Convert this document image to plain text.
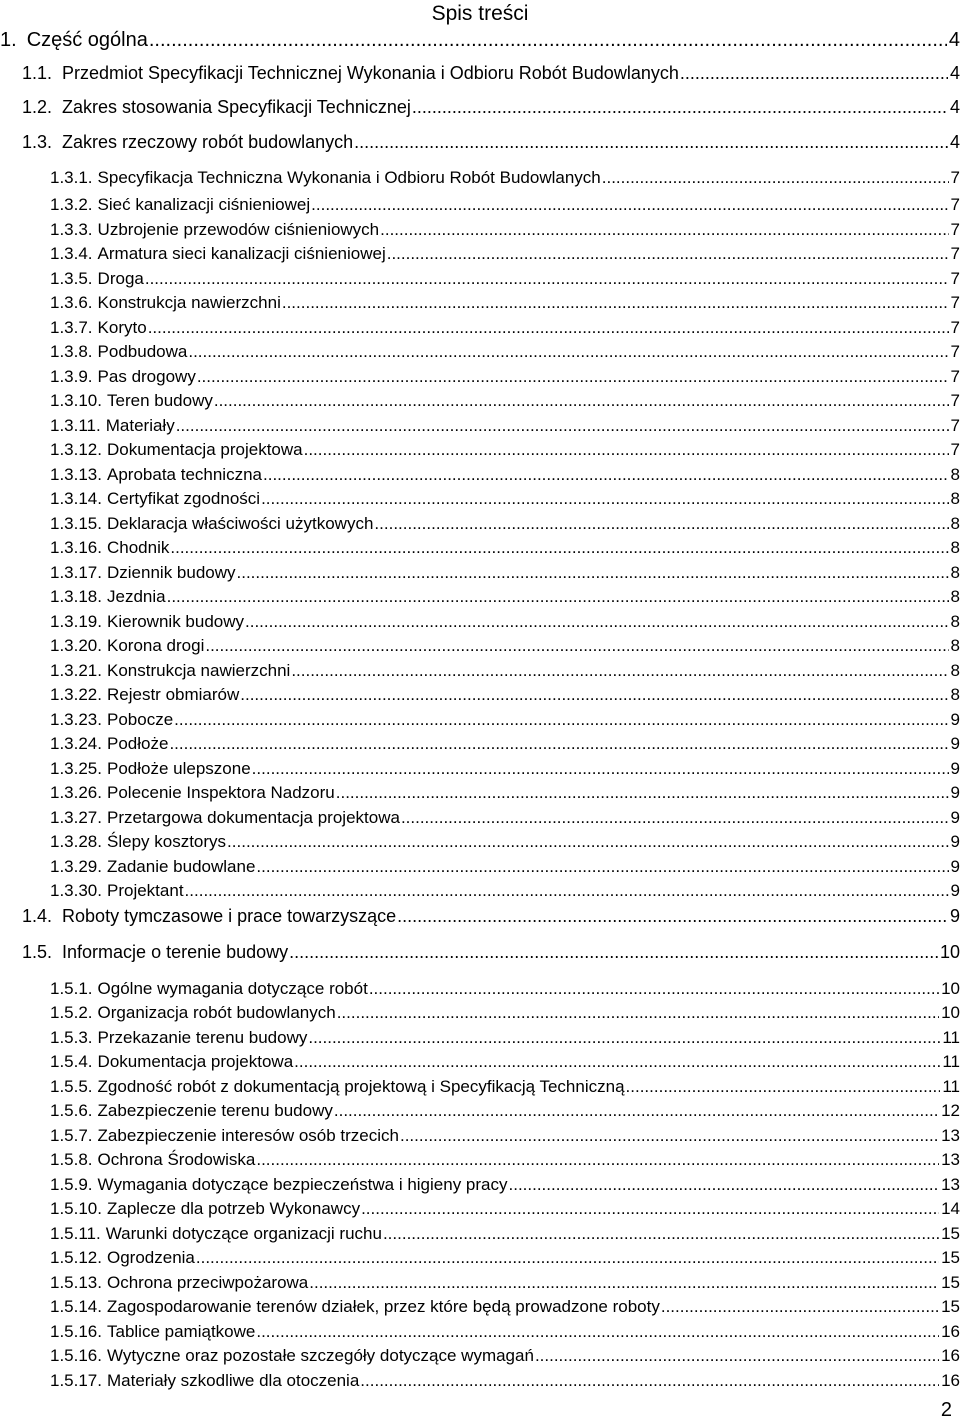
Spis treści
1. Część ogólna .....	4
1.1. Przedmiot Specyfikacji Technicznej Wykonania i Odbioru Robót Budowlanych .....	4
1.2. Zakres stosowania Specyfikacji Technicznej .....	4
1.3. Zakres rzeczowy robót budowlanych .....	4
1.3.1. Specyfikacja Techniczna Wykonania i Odbioru Robót Budowlanych .....	7
1.3.2. Sieć kanalizacji ciśnieniowej .....	7
1.3.3. Uzbrojenie przewodów ciśnieniowych .....	7
1.3.4. Armatura sieci kanalizacji ciśnieniowej .....	7
1.3.5. Droga .....	7
1.3.6. Konstrukcja nawierzchni .....	7
1.3.7. Koryto .....	7
1.3.8. Podbudowa .....	7
1.3.9. Pas drogowy .....	7
1.3.10. Teren budowy .....	7
1.3.11. Materiały .....	7
1.3.12. Dokumentacja projektowa .....	7
1.3.13. Aprobata techniczna .....	8
1.3.14. Certyfikat zgodności .....	8
1.3.15. Deklaracja właściwości użytkowych .....	8
1.3.16. Chodnik .....	8
1.3.17. Dziennik budowy .....	8
1.3.18. Jezdnia .....	8
1.3.19. Kierownik budowy .....	8
1.3.20. Korona drogi .....	8
1.3.21. Konstrukcja nawierzchni .....	8
1.3.22. Rejestr obmiarów .....	8
1.3.23. Pobocze .....	9
1.3.24. Podłoże .....	9
1.3.25. Podłoże ulepszone .....	9
1.3.26. Polecenie Inspektora Nadzoru .....	9
1.3.27. Przetargowa dokumentacja projektowa .....	9
1.3.28. Ślepy kosztorys .....	9
1.3.29. Zadanie budowlane .....	9
1.3.30. Projektant .....	9
1.4. Roboty tymczasowe i prace towarzyszące .....	9
1.5. Informacje o terenie budowy .....	10
1.5.1. Ogólne wymagania dotyczące robót .....	10
1.5.2. Organizacja robót budowlanych .....	10
1.5.3. Przekazanie terenu budowy .....	11
1.5.4. Dokumentacja projektowa .....	11
1.5.5. Zgodność robót z dokumentacją projektową i Specyfikacją Techniczną .....	11
1.5.6. Zabezpieczenie terenu budowy .....	12
1.5.7. Zabezpieczenie interesów osób trzecich .....	13
1.5.8. Ochrona Środowiska .....	13
1.5.9. Wymagania dotyczące bezpieczeństwa i higieny pracy .....	13
1.5.10. Zaplecze dla potrzeb Wykonawcy .....	14
1.5.11. Warunki dotyczące organizacji ruchu .....	15
1.5.12. Ogrodzenia .....	15
1.5.13. Ochrona przeciwpożarowa .....	15
1.5.14. Zagospodarowanie terenów działek, przez które będą prowadzone roboty .....	15
1.5.16. Tablice pamiątkowe .....	16
1.5.16. Wytyczne oraz pozostałe szczegóły dotyczące wymagań .....	16
1.5.17. Materiały szkodliwe dla otoczenia .....	16
2
